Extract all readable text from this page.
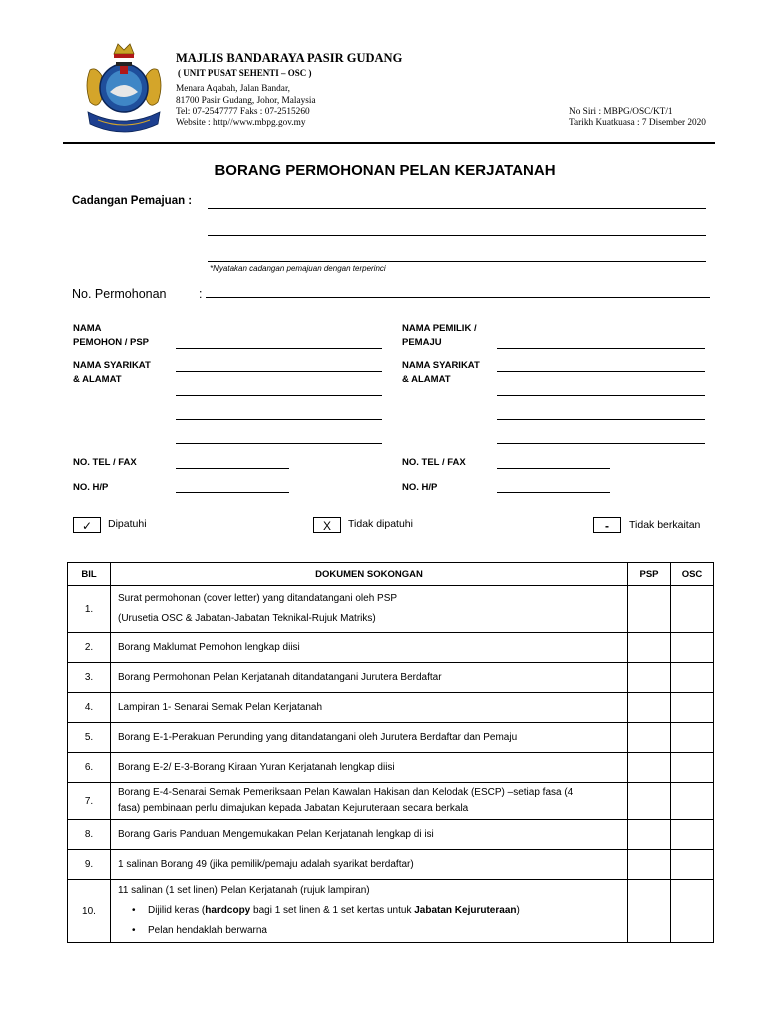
MAJLIS BANDARAYA PASIR GUDANG
( UNIT PUSAT SEHENTI – OSC )
Menara Aqabah, Jalan Bandar,
81700 Pasir Gudang, Johor, Malaysia
Tel: 07-2547777 Faks : 07-2515260
Website : http//www.mbpg.gov.my
No Siri : MBPG/OSC/KT/1
Tarikh Kuatkuasa : 7 Disember 2020
BORANG PERMOHONAN PELAN KERJATANAH
Cadangan Pemajuan :
*Nyatakan cadangan pemajuan dengan terperinci
No. Permohonan	:
NAMA
PEMOHON / PSP
NAMA SYARIKAT
& ALAMAT
NO. TEL / FAX
NO. H/P
NAMA PEMILIK /
PEMAJU
NAMA SYARIKAT
& ALAMAT
NO. TEL / FAX
NO. H/P
✓	Dipatuhi	X	Tidak dipatuhi	-	Tidak berkaitan
BIL	DOKUMEN SOKONGAN	PSP	OSC
1.	Surat permohonan (cover letter) yang ditandatangani oleh PSP
(Urusetia OSC & Jabatan-Jabatan Teknikal-Rujuk Matriks)		

2.	Borang Maklumat Pemohon lengkap diisi		
3.	Borang Permohonan Pelan Kerjatanah ditandatangani Jurutera Berdaftar		
4.	Lampiran 1- Senarai Semak Pelan Kerjatanah		
5.	Borang E-1-Perakuan Perunding yang ditandatangani oleh Jurutera Berdaftar dan Pemaju		
6.	Borang E-2/ E-3-Borang Kiraan Yuran Kerjatanah lengkap diisi		
7.	Borang E-4-Senarai Semak Pemeriksaan Pelan Kawalan Hakisan dan Kelodak (ESCP) –setiap fasa (4
fasa) pembinaan perlu dimajukan kepada Jabatan Kejuruteraan secara berkala		

8.	Borang Garis Panduan Mengemukakan Pelan Kerjatanah lengkap di isi		
9.	1 salinan Borang 49 (jika pemilik/pemaju adalah syarikat berdaftar)		
10.	11 salinan (1 set linen) Pelan Kerjatanah (rujuk lampiran)
• Dijilid keras (hardcopy bagi 1 set linen & 1 set kertas untuk Jabatan Kejuruteraan)
• Pelan hendaklah berwarna
